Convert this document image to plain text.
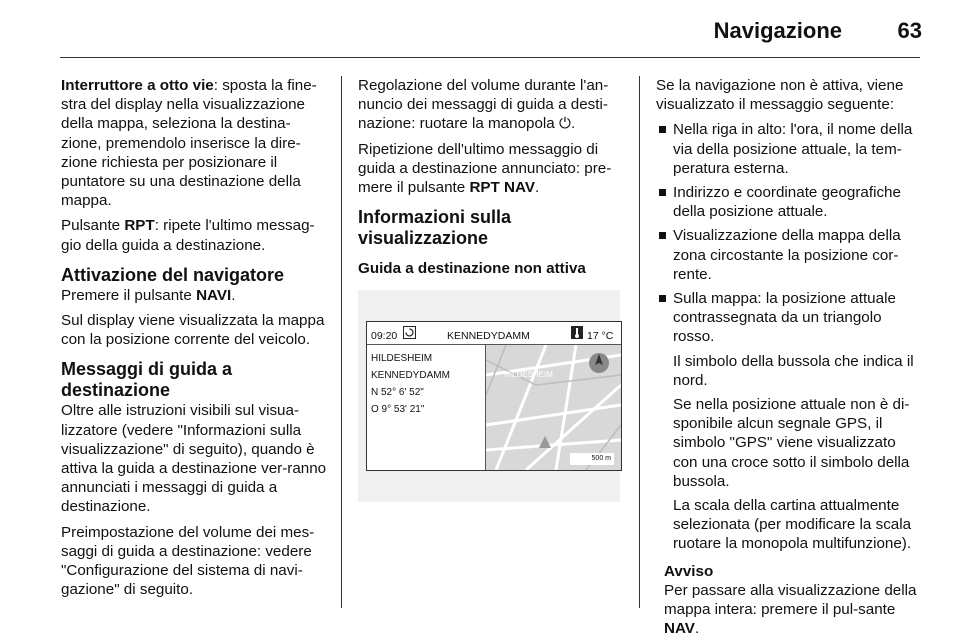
Navigazione	63

Interruttore a otto vie: sposta la fine-stra del display nella visualizzazione della mappa, seleziona la destina-zione, premendolo inserisce la dire-zione richiesta per posizionare il puntatore su una destinazione della mappa.

Pulsante RPT: ripete l'ultimo messag-gio della guida a destinazione.

Attivazione del navigatore

Premere il pulsante NAVI.

Sul display viene visualizzata la mappa con la posizione corrente del veicolo.

Messaggi di guida a destinazione

Oltre alle istruzioni visibili sul visua-lizzatore (vedere "Informazioni sulla visualizzazione" di seguito), quando è attiva la guida a destinazione ver-ranno annunciati i messaggi di guida a destinazione.

Preimpostazione del volume dei mes-saggi di guida a destinazione: vedere "Configurazione del sistema di navi-gazione" di seguito.

Regolazione del volume durante l'an-nuncio dei messaggi di guida a desti-nazione: ruotare la manopola ⏻.

Ripetizione dell'ultimo messaggio di guida a destinazione annunciato: pre-mere il pulsante RPT NAV.

Informazioni sulla visualizzazione
Guida a destinazione non attiva
09:20	KENNEDYDAMM	17 °C
HILDESHEIM
KENNEDYDAMM
N 52° 6' 52"
O 9° 53' 21"
HILDESHEIM
500 m

Se la navigazione non è attiva, viene visualizzato il messaggio seguente:

Nella riga in alto: l'ora, il nome della via della posizione attuale, la tem-peratura esterna.
Indirizzo e coordinate geografiche della posizione attuale.
Visualizzazione della mappa della zona circostante la posizione cor-rente.
Sulla mappa: la posizione attuale contrassegnata da un triangolo rosso.
Il simbolo della bussola che indica il nord.
Se nella posizione attuale non è di-sponibile alcun segnale GPS, il simbolo "GPS" viene visualizzato con una croce sotto il simbolo della bussola.
La scala della cartina attualmente selezionata (per modificare la scala ruotare la monopola multifunzione).
Avviso
Per passare alla visualizzazione della mappa intera: premere il pul-sante NAV.
